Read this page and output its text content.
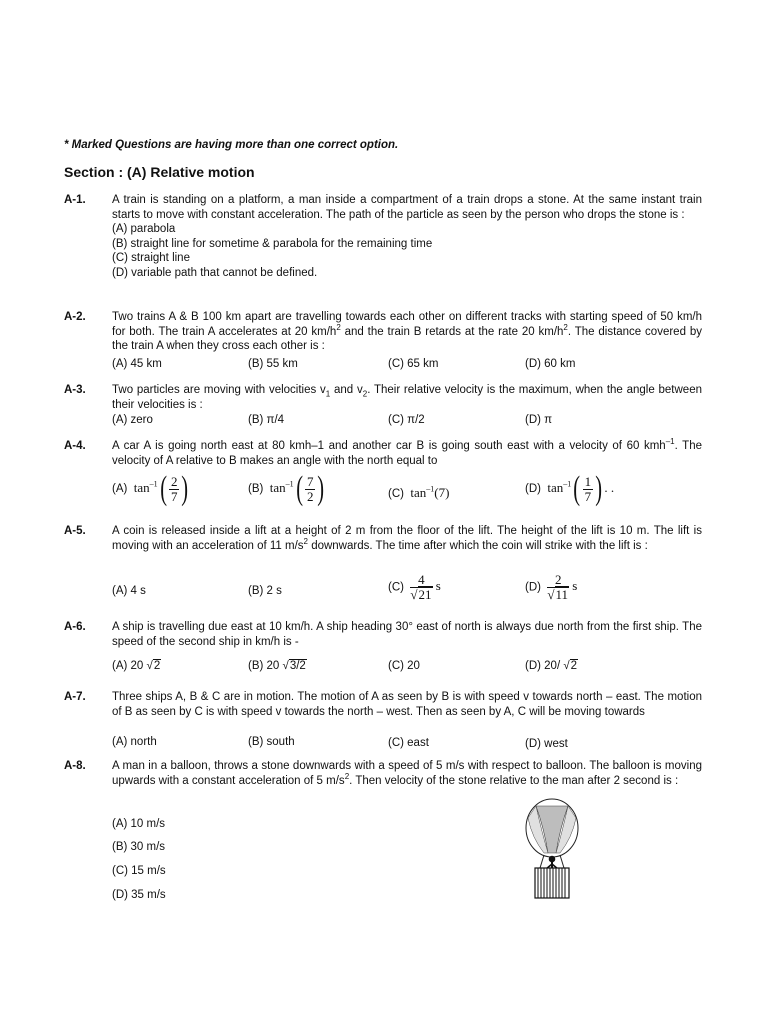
* Marked Questions are having more than one correct option.
Section : (A) Relative motion
A-1. A train is standing on a platform, a man inside a compartment of a train drops a stone. At the same instant train starts to move with constant acceleration. The path of the particle as seen by the person who drops the stone is :
(A) parabola
(B) straight line for sometime & parabola for the remaining time
(C) straight line
(D) variable path that cannot be defined.
A-2. Two trains A & B 100 km apart are travelling towards each other on different tracks with starting speed of 50 km/h for both. The train A accelerates at 20 $km/h^2$ and the train B retards at the rate 20 $km/h^2$. The distance covered by the train A when they cross each other is :
(A) 45 km	(B) 55 km	(C) 65 km	(D) 60 km
A-3. Two particles are moving with velocities $v_1$ and $v_2$. Their relative velocity is the maximum, when the angle between their velocities is :
(A) zero	(B) π/4	(C) π/2	(D) π
A-4. A car A is going north east at 80 kmh–1 and another car B is going south east with a velocity of 60 kmh$^{-1}$. The velocity of A relative to B makes an angle with the north equal to
(A) $\tan^{-1}( \frac{2}{7}$ )	(B) $\tan^{-1}( \frac{7}{2}$ )	(C) $\tan^{-1}(7)$	(D) $\tan^{-1}( \frac{1}{7}$ ) . .
A-5. A coin is released inside a lift at a height of 2 m from the floor of the lift. The height of the lift is 10 m. The lift is moving with an acceleration of 11 $m/s^2$ downwards. The time after which the coin will strike with the lift is :
(A) 4 s	(B) 2 s	$(C) \frac{4}{√21}$ s	$(D) \frac{2}{√11}$ s
A-6. A ship is travelling due east at 10 km/h. A ship heading 30° east of north is always due north from the first ship. The speed of the second ship in km/h is -
(A) 20 √2	(B) 20 √3/2	(C) 20	(D) 20/ √2
A-7. Three ships A, B & C are in motion. The motion of A as seen by B is with speed v towards north – east. The motion of B as seen by C is with speed v towards the north – west. Then as seen by A, C will be moving towards
(A) north	(B) south	(C) east	(D) west
A-8. A man in a balloon, throws a stone downwards with a speed of 5 m/s with respect to balloon. The balloon is moving upwards with a constant acceleration of 5 $m/s^2$. Then velocity of the stone relative to the man after 2 second is :
(A) 10 m/s
(B) 30 m/s
(C) 15 m/s
(D) 35 m/s
